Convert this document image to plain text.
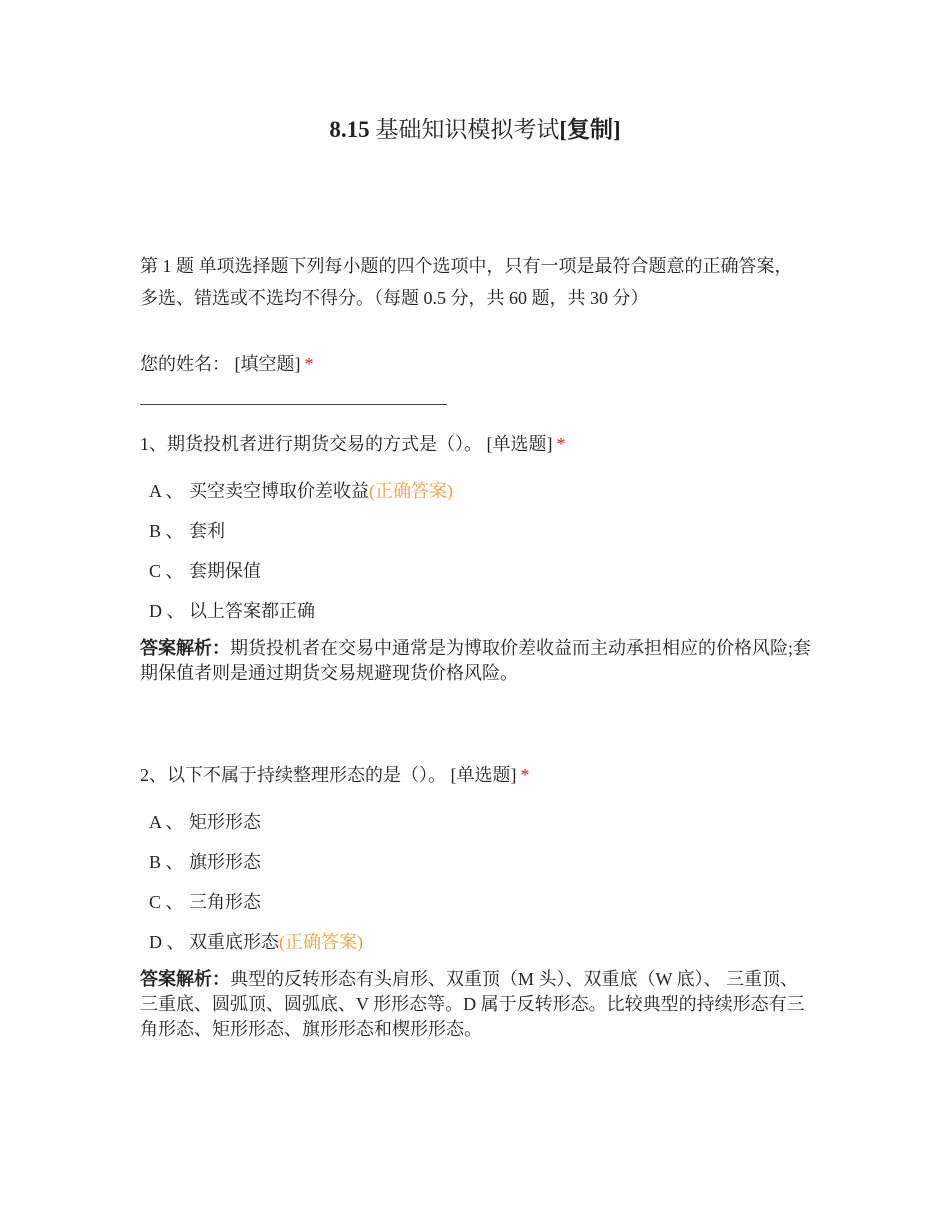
8.15 基础知识模拟考试[复制]
第 1 题 单项选择题下列每小题的四个选项中，只有一项是最符合题意的正确答案，多选、错选或不选均不得分。（每题 0.5 分，共 60 题，共 30 分）
您的姓名： [填空题] *
1、期货投机者进行期货交易的方式是（）。 [单选题] *
A 、 买空卖空博取价差收益(正确答案)
B 、 套利
C 、 套期保值
D 、 以上答案都正确
答案解析：期货投机者在交易中通常是为博取价差收益而主动承担相应的价格风险;套期保值者则是通过期货交易规避现货价格风险。
2、以下不属于持续整理形态的是（）。 [单选题] *
A 、 矩形形态
B 、 旗形形态
C 、 三角形态
D 、 双重底形态(正确答案)
答案解析：典型的反转形态有头肩形、双重顶（M 头）、双重底（W 底）、 三重顶、三重底、圆弧顶、圆弧底、V 形形态等。D 属于反转形态。比较典型的持续形态有三角形态、矩形形态、旗形形态和楔形形态。
